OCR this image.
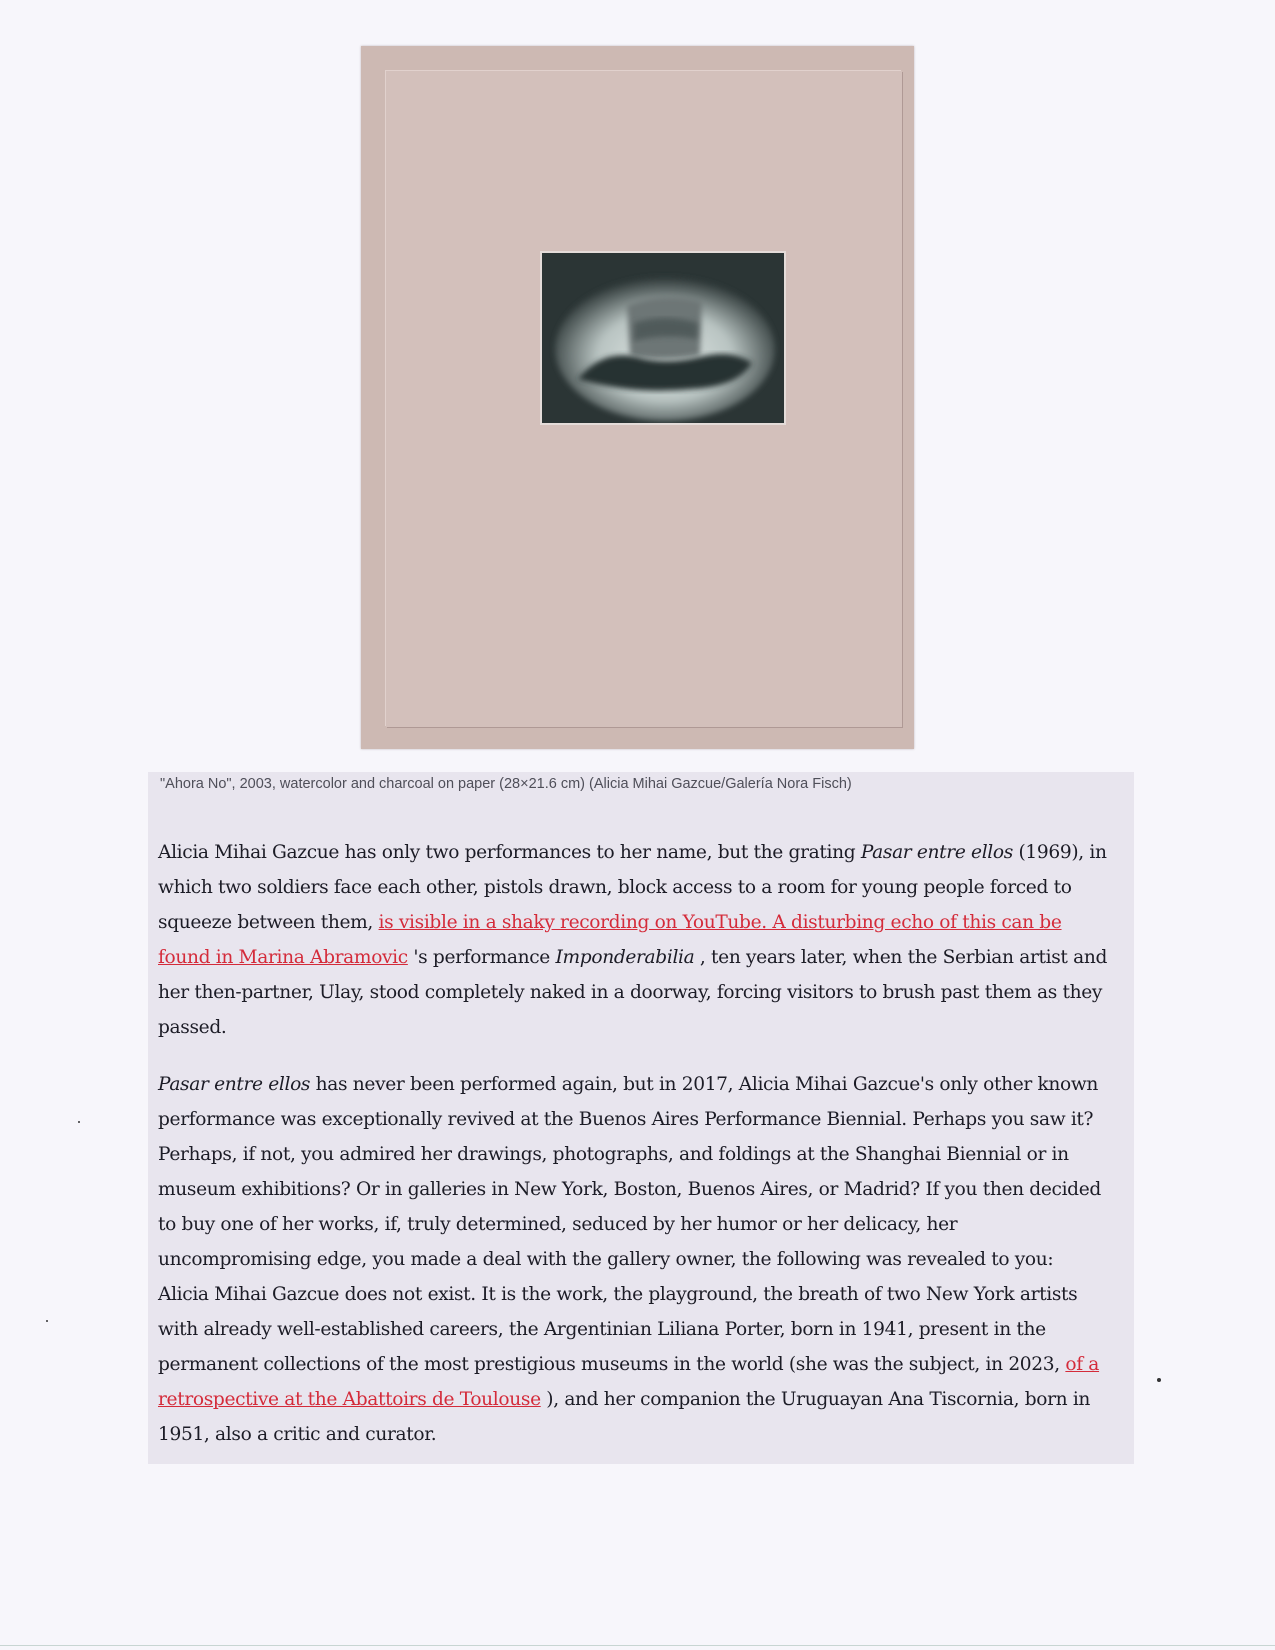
"Ahora No", 2003, watercolor and charcoal on paper (28×21.6 cm) (Alicia Mihai Gazcue/Galería Nora Fisch)

Alicia Mihai Gazcue has only two performances to her name, but the grating Pasar entre ellos (1969), in which two soldiers face each other, pistols drawn, block access to a room for young people forced to squeeze between them, is visible in a shaky recording on YouTube. A disturbing echo of this can be found in Marina Abramovic 's performance Imponderabilia , ten years later, when the Serbian artist and her then-partner, Ulay, stood completely naked in a doorway, forcing visitors to brush past them as they passed.

Pasar entre ellos has never been performed again, but in 2017, Alicia Mihai Gazcue's only other known performance was exceptionally revived at the Buenos Aires Performance Biennial. Perhaps you saw it? Perhaps, if not, you admired her drawings, photographs, and foldings at the Shanghai Biennial or in museum exhibitions? Or in galleries in New York, Boston, Buenos Aires, or Madrid? If you then decided to buy one of her works, if, truly determined, seduced by her humor or her delicacy, her uncompromising edge, you made a deal with the gallery owner, the following was revealed to you: Alicia Mihai Gazcue does not exist. It is the work, the playground, the breath of two New York artists with already well-established careers, the Argentinian Liliana Porter, born in 1941, present in the permanent collections of the most prestigious museums in the world (she was the subject, in 2023, of a retrospective at the Abattoirs de Toulouse ), and her companion the Uruguayan Ana Tiscornia, born in 1951, also a critic and curator.
